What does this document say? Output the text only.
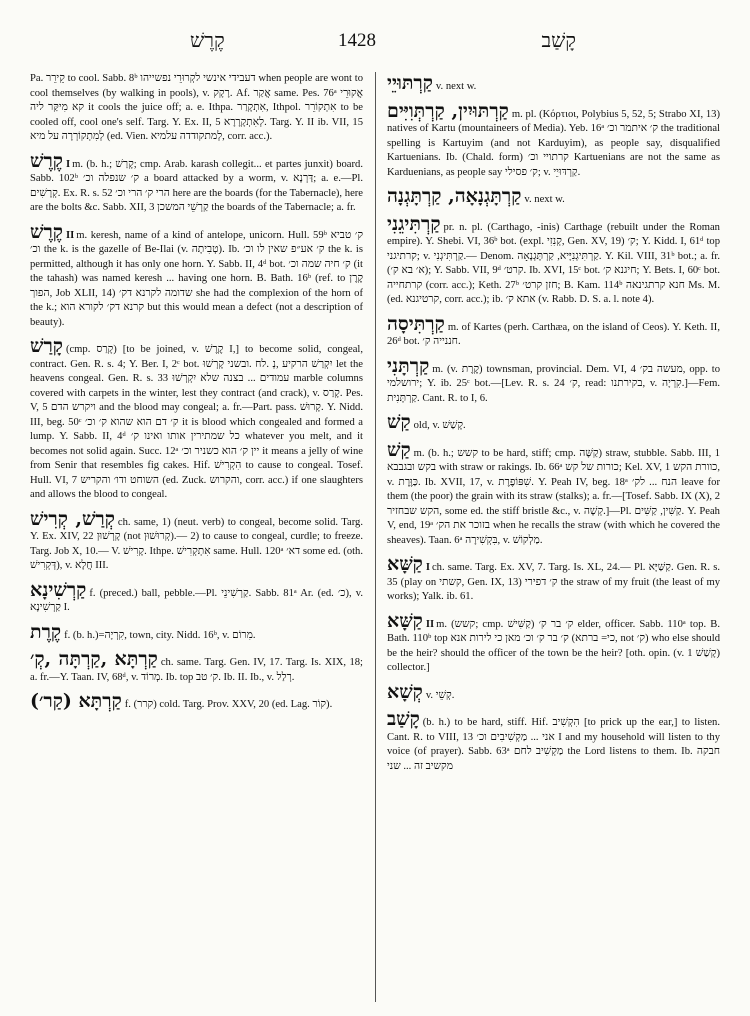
קֶרֶשׁ	1428	קָשַׁב

Pa. קֵירֵר to cool. Sabb. 8ᵇ דעבידי אינשי לקְרוּרֵי נפשייהו when people are wont to cool themselves (by walking in pools), v. רָקָק. Af. אֲקַר same. Pes. 76ᵃ אֲקוּרֵי קא מִיקַּר ליה it cools the juice off; a. e. Ithpa. אִתְקָרַר, Ithpol. אִתְקוֹרֵר to be cooled off, cool one's self. Targ. Y. Ex. II, 5 לְאִתְקָרָרָא. Targ. Y. II ib. VII, 15 לְמִתְקוֹרְרָה על מיא (ed. Vien. לְמתקודדה עלמיא, corr. acc.).

קֶרֶשׁ I m. (b. h.; קָרַשׁ; cmp. Arab. karash collegit... et partes junxit) board. Sabb. 102ᵇ ק׳ שנפלה וכ׳ a board attacked by a worm, v. דַּרְנָא; a. e.—Pl. קְרָשִׁים. Ex. R. s. 52 הרי ק׳ הרי וכ׳ here are the boards (for the Tabernacle), here are the bolts &c. Sabb. XII, 3 קַרְשֵׁי המשכן the boards of the Tabernacle; a. fr.

קֶרֶשׁ II m. keresh, name of a kind of antelope, unicorn. Hull. 59ᵇ ק׳ טביא וכ׳ the k. is the gazelle of Be-Ilai (v. טְבִיתָה). Ib. ק׳ אע״פ שאין לו וכ׳ the k. is permitted, although it has only one horn. Y. Sabb. II, 4ᵈ bot. ק׳ חיה שמה וכ׳ (it the tahash) was named keresh ... having one horn. B. Bath. 16ᵇ (ref. to קֶרֶן הפוך, Job XLII, 14) שדומה לקרנא דק׳ she had the complexion of the horn of the k.; קרנא דק׳ לקורא הוא but this would mean a defect (not a description of beauty).

קָרַשׁ (cmp. קָרַס) [to be joined, v. קֶרֶשׁ I,] to become solid, congeal, contract. Gen. R. s. 4; Y. Ber. I, 2ᶜ bot. יִקְרַשׁ הרקיע ,נְ .לח .ובשני קָרְשׁוּ let the heavens congeal. Gen. R. s. 33 עמודים ... בצנה שלא יִקְרְשׁוּ marble columns covered with carpets in the winter, lest they contract (and crack), v. קָרַס. Pes. V, 5 ויקרש הדם and the blood may congeal; a. fr.—Part. pass. קָרוּשׁ. Y. Nidd. III, beg. 50ᶜ ק׳ דם הוא שהוא ק׳ וכ׳ it is blood which congealed and formed a lump. Y. Sabb. II, 4ᵈ כל שמתירין אותו ואינו ק׳ whatever you melt, and it becomes not solid again. Succ. 12ᵃ יין ק׳ הוא כשניר וכ׳ it means a jelly of wine from Senir that resembles fig cakes. Hif. הִקְרִישׁ to cause to congeal. Tosef. Hull. VI, 7 השוחט ודו׳ והקריש (ed. Zuck. והקרוש, corr. acc.) if one slaughters and allows the blood to congeal.

קְרַשׁ, קְרִישׁ ch. same, 1) (neut. verb) to congeal, become solid. Targ. Y. Ex. XIV, 22 קָרְשׁוּן (not קְרוּשׁוּן).— 2) to cause to congeal, curdle; to freeze. Targ. Job X, 10.— V. קָרִישׁ. Ithpe. אִתְקְרִישׁ same. Hull. 120ᵃ דא׳ some ed. (oth. דְּקְרִישׁ), v. חֲלָא III.

קַרְשִׁינָא f. (preced.) ball, pebble.—Pl. קַרְשִׁינֵי. Sabb. 81ᵃ Ar. (ed. כ׳), v. קַרְשִׁינָא I.

קֶרֶת f. (b. h.)=קִרְיָה, town, city. Nidd. 16ᵇ, v. מִרוֹם.

קַרְתָּא ,קַרְתָּה ,קְ׳ ch. same. Targ. Gen. IV, 17. Targ. Is. XIX, 18; a. fr.—Y. Taan. IV, 68ᵈ, v. מְרוֹד. Ib. top ק׳ טב. Ib. II. Ib., v. רְלַל.

קַרְתָּא (קַר׳) f. (קרר) cold. Targ. Prov. XXV, 20 (ed. Lag. קוֹר).

קַרְתּוּיֵי v. next w.

קַרְתּוּיִין, קַרְתְּוִיִּים m. pl. (Κόρτιοι, Polybius 5, 52, 5; Strabo XI, 13) natives of Kartu (mountaineers of Media). Yeb. 16ᵃ ק׳ איתמר וכ׳ the traditional spelling is Kartuyim (and not Karduyim), as people say, disqualified Kartuenians. Ib. (Chald. form) קרתויי וכ׳ Kartuenians are not the same as Karduenians, as people say ק׳ פסילי; v. קַרְדּוּיֵי.

קַרְתָּגְנָאָה, קַרְתָּגְנָה v. next w.

קַרְתִּיגֵנִי pr. n. pl. (Carthago, -inis) Carthage (rebuilt under the Roman empire). Y. Shebi. VI, 36ᵇ bot. (expl. קְנִזִי, Gen. XV, 19) ק׳; Y. Kidd. I, 61ᵈ top קרתיגני; v. קַרְתִּיגְנִי.— Denom. קַרְתִּיגְנִיָּיא, קַרְתָּגְנָאָה. Y. Kil. VIII, 31ᵇ bot.; a. fr. (א׳ בא ק׳); Y. Sabb. VII, 9ᵈ קרט׳. Ib. XVI, 15ᶜ bot. חיגנא ק׳; Y. Bets. I, 60ᶜ bot. קרתחייה (corr. acc.); Keth. 27ᵇ חזן קרט׳; B. Kam. 114ᵇ חנא קרתגינאה Ms. M. (ed. קרטיגנא, corr. acc.); ib. אתא ק׳ (v. Rabb. D. S. a. l. note 4).

קַרְתִּיסָה m. of Kartes (perh. Carthæa, on the island of Ceos). Y. Keth. II, 26ᵈ bot. חננייה ק׳.

קַרְתָּנִי m. (v. קֶרֶת) townsman, provincial. Dem. VI, 4 מעשה בק׳, opp. to ירושלמי; Y. ib. 25ᶜ bot.—[Lev. R. s. 24 ק׳, read: בקירתנו, v. קִרְיָה.]—Fem. קַרְתָּנִית. Cant. R. to I, 6.

קַשׁ old, v. קָשַׁשׁ.

קַשׁ m. (b. h.; קשש to be hard, stiff; cmp. קַשָּׁה) straw, stubble. Sabb. III, 1 בקש ובגבבא with straw or rakings. Ib. 66ᵃ כורות של קש; Kel. XV, 1 כוורת הקש, v. כַּוֶּרֶת. Ib. XVII, 17, v. שִׁפּוֹפֶרֶת. Y. Peah IV, beg. 18ᵃ הנח ... לק׳ leave for them (the poor) the grain with its straw (stalks); a. fr.—[Tosef. Sabb. IX (X), 2 הקש שבחזיר, some ed. the stiff bristle &c., v. קְשָׁה.]—Pl. קַשִּׁין, קַשִּׁים. Y. Peah V, end, 19ᵃ בזוכר את הק׳ when he recalls the straw (with which he covered the sheaves). Taan. 6ᵃ בִּקְשִׁירָה, v. מַלְקוֹשׁ.

קַשָּׁא I ch. same. Targ. Ex. XV, 7. Targ. Is. XL, 24.— Pl. קַשַּׁיָּא. Gen. R. s. 35 (play on קשתי, Gen. IX, 13) ק׳ דפירי the straw of my fruit (the least of my works); Yalk. ib. 61.

קַשָּׁא II m. (קשש; cmp. קַשִּׁישׁ) ק׳ בר ק׳ elder, officer. Sabb. 110ᵃ top. B. Bath. 110ᵇ top ק׳ בר ק׳ וכ׳ מאן כי לירות אנא (כי= ברתא, not ק׳) who else should be the heir? should the officer of the town be the heir? [oth. opin. (v. קָשַׁשׁ 1) collector.]

קְשָׁא v. קְשֵׁי.

קָשַׁב (b. h.) to be hard, stiff. Hif. הִקְשִׁיב [to prick up the ear,] to listen. Cant. R. to VIII, 13 אני ... מַקְשִׁיבִים וכ׳ I and my household will listen to thy voice (of prayer). Sabb. 63ᵃ מַקְשִׁיב לחם the Lord listens to them. Ib. חבקה מקשיב זה ... שני
